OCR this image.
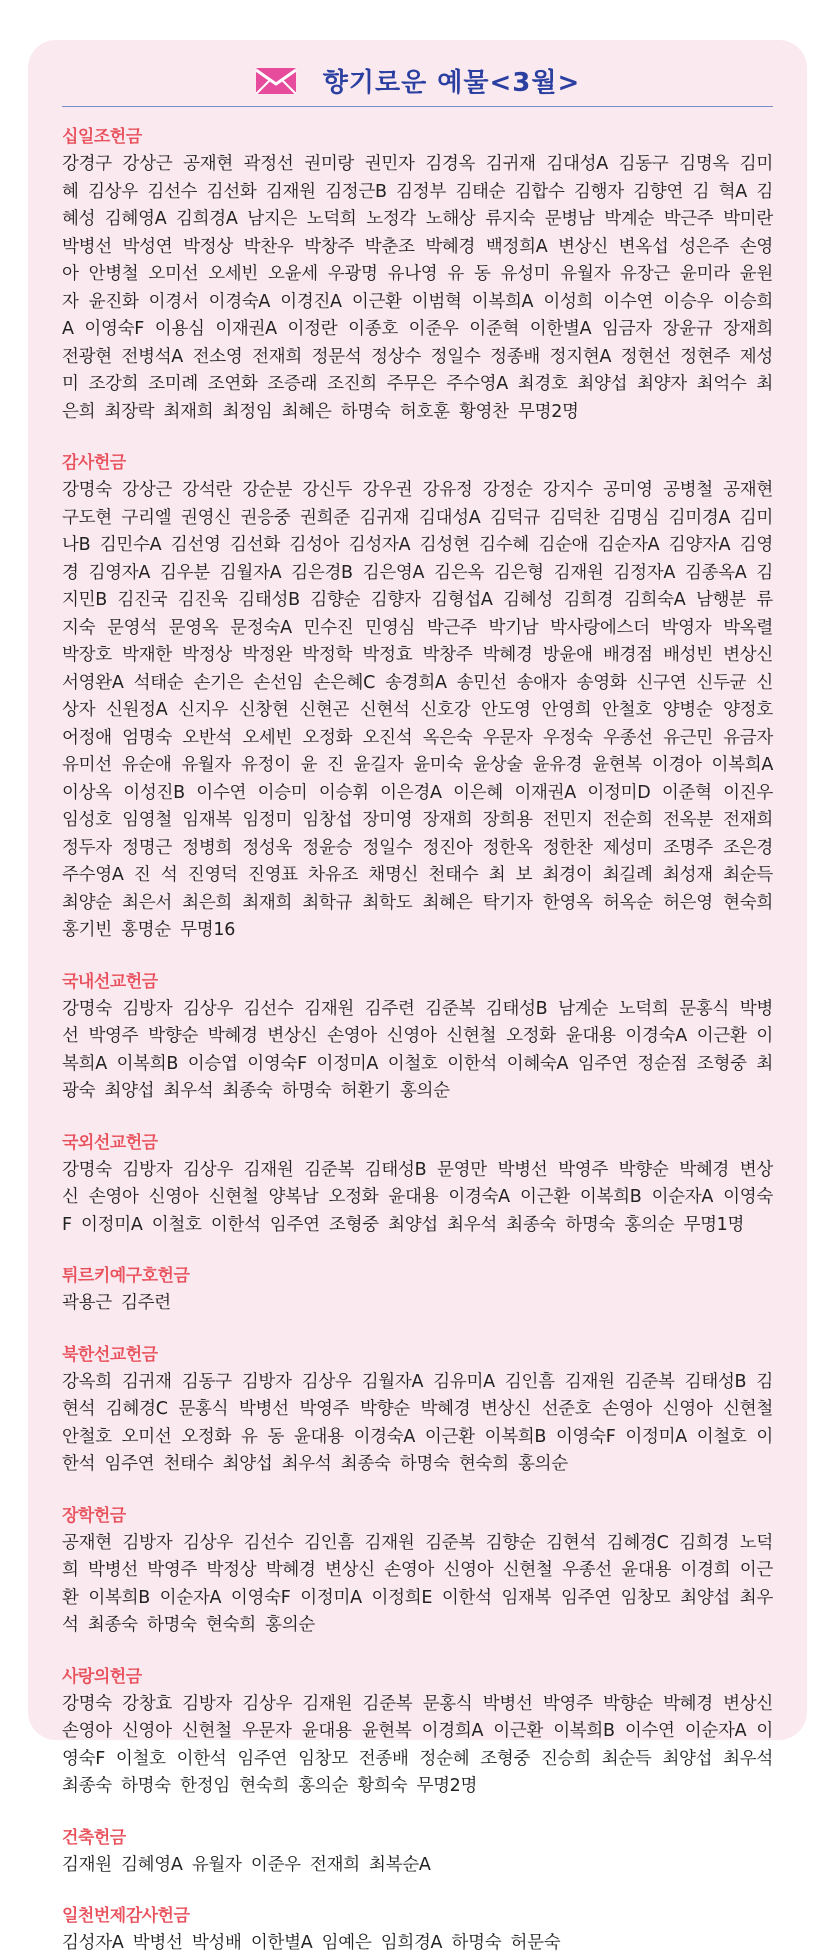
향기로운 예물<3월>

십일조헌금

강경구 강상근 공재현 곽정선 권미랑 권민자 김경옥 김귀재 김대성A 김동구 김명옥 김미혜 김상우 김선수 김선화 김재원 김정근B 김정부 김태순 김합수 김행자 김향연 김 혁A 김혜성 김혜영A 김희경A 남지은 노덕희 노정각 노해상 류지숙 문병남 박계순 박근주 박미란 박병선 박성연 박정상 박찬우 박창주 박춘조 박혜경 백정희A 변상신 변옥섭 성은주 손영아 안병철 오미선 오세빈 오윤세 우광명 유나영 유 동 유성미 유월자 유장근 윤미라 윤원자 윤진화 이경서 이경숙A 이경진A 이근환 이범혁 이복희A 이성희 이수연 이승우 이승희A 이영숙F 이용심 이재권A 이정란 이종호 이준우 이준혁 이한별A 임금자 장윤규 장재희 전광현 전병석A 전소영 전재희 정문석 정상수 정일수 정종배 정지현A 정현선 정현주 제성미 조강희 조미례 조연화 조증래 조진희 주무은 주수영A 최경호 최양섭 최양자 최억수 최은희 최장락 최재희 최정임 최혜은 하명숙 허호훈 황영찬 무명2명

감사헌금

강명숙 강상근 강석란 강순분 강신두 강우권 강유정 강정순 강지수 공미영 공병철 공재현 구도현 구리엘 권영신 권응중 권희준 김귀재 김대성A 김덕규 김덕찬 김명심 김미경A 김미나B 김민수A 김선영 김선화 김성아 김성자A 김성현 김수혜 김순애 김순자A 김양자A 김영경 김영자A 김우분 김월자A 김은경B 김은영A 김은옥 김은형 김재원 김정자A 김종옥A 김지민B 김진국 김진욱 김태성B 김향순 김향자 김형섭A 김혜성 김희경 김희숙A 남행분 류지숙 문영석 문영옥 문정숙A 민수진 민영심 박근주 박기남 박사랑에스더 박영자 박옥렬 박장호 박재한 박정상 박정완 박정학 박정효 박창주 박혜경 방윤애 배경점 배성빈 변상신 서영완A 석태순 손기은 손선임 손은혜C 송경희A 송민선 송애자 송영화 신구연 신두균 신상자 신원정A 신지우 신창현 신현곤 신현석 신호강 안도영 안영희 안철호 양병순 양정호 어정애 엄명숙 오반석 오세빈 오정화 오진석 옥은숙 우문자 우정숙 우종선 유근민 유금자 유미선 유순애 유월자 유정이 윤 진 윤길자 윤미숙 윤상술 윤유경 윤현복 이경아 이복희A 이상옥 이성진B 이수연 이승미 이승휘 이은경A 이은혜 이재권A 이정미D 이준혁 이진우 임성호 임영철 임재복 임정미 임창섭 장미영 장재희 장희용 전민지 전순희 전옥분 전재희 정두자 정명근 정병희 정성욱 정윤승 정일수 정진아 정한옥 정한찬 제성미 조명주 조은경 주수영A 진 석 진영덕 진영표 차유조 채명신 천태수 최 보 최경이 최길례 최성재 최순득 최양순 최은서 최은희 최재희 최학규 최학도 최혜은 탁기자 한영옥 허옥순 허은영 현숙희 홍기빈 홍명순 무명16

국내선교헌금

강명숙 김방자 김상우 김선수 김재원 김주련 김준복 김태성B 남계순 노덕희 문홍식 박병선 박영주 박향순 박혜경 변상신 손영아 신영아 신현철 오정화 윤대용 이경숙A 이근환 이복희A 이복희B 이승엽 이영숙F 이정미A 이철호 이한석 이혜숙A 임주연 정순점 조형중 최광숙 최양섭 최우석 최종숙 하명숙 허환기 홍의순

국외선교헌금

강명숙 김방자 김상우 김재원 김준복 김태성B 문영만 박병선 박영주 박향순 박혜경 변상신 손영아 신영아 신현철 양복남 오정화 윤대용 이경숙A 이근환 이복희B 이순자A 이영숙F 이정미A 이철호 이한석 임주연 조형중 최양섭 최우석 최종숙 하명숙 홍의순 무명1명

튀르키예구호헌금

곽용근 김주련

북한선교헌금

강옥희 김귀재 김동구 김방자 김상우 김월자A 김유미A 김인흠 김재원 김준복 김태성B 김현석 김혜경C 문홍식 박병선 박영주 박향순 박혜경 변상신 선준호 손영아 신영아 신현철 안철호 오미선 오정화 유 동 윤대용 이경숙A 이근환 이복희B 이영숙F 이정미A 이철호 이한석 임주연 천태수 최양섭 최우석 최종숙 하명숙 현숙희 홍의순

장학헌금

공재현 김방자 김상우 김선수 김인흠 김재원 김준복 김향순 김현석 김혜경C 김희경 노덕희 박병선 박영주 박정상 박혜경 변상신 손영아 신영아 신현철 우종선 윤대용 이경희 이근환 이복희B 이순자A 이영숙F 이정미A 이정희E 이한석 임재복 임주연 임창모 최양섭 최우석 최종숙 하명숙 현숙희 홍의순

사랑의헌금

강명숙 강창효 김방자 김상우 김재원 김준복 문홍식 박병선 박영주 박향순 박혜경 변상신 손영아 신영아 신현철 우문자 윤대용 윤현복 이경희A 이근환 이복희B 이수연 이순자A 이영숙F 이철호 이한석 임주연 임창모 전종배 정순혜 조형중 진승희 최순득 최양섭 최우석 최종숙 하명숙 한정임 현숙희 홍의순 황희숙 무명2명

건축헌금

김재원 김혜영A 유월자 이준우 전재희 최복순A

일천번제감사헌금

김성자A 박병선 박성배 이한별A 임예은 임희경A 하명숙 허문숙
